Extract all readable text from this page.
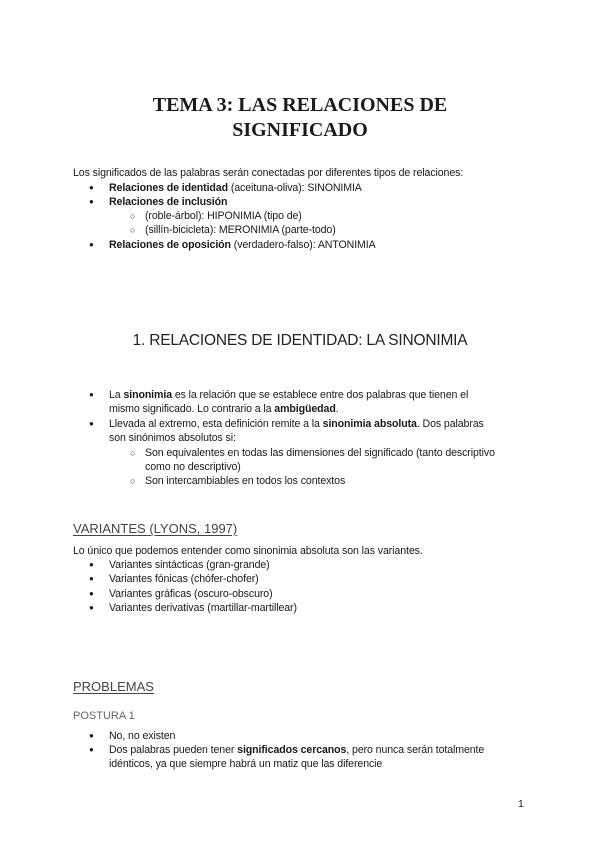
TEMA 3: LAS RELACIONES DE
SIGNIFICADO
Los significados de las palabras serán conectadas por diferentes tipos de relaciones:
● Relaciones de identidad (aceituna-oliva): SINONIMIA
● Relaciones de inclusión
○ (roble-árbol): HIPONIMIA (tipo de)
○ (sillín-bicicleta): MERONIMIA (parte-todo)
● Relaciones de oposición (verdadero-falso): ANTONIMIA
1. RELACIONES DE IDENTIDAD: LA SINONIMIA
● La sinonimia es la relación que se establece entre dos palabras que tienen el
mismo significado. Lo contrario a la ambigüedad.
● Llevada al extremo, esta definición remite a la sinonimia absoluta. Dos palabras
son sinónimos absolutos si:
○ Son equivalentes en todas las dimensiones del significado (tanto descriptivo
como no descriptivo)
○ Son intercambiables en todos los contextos
VARIANTES (LYONS, 1997)
Lo único que podemos entender como sinonimia absoluta son las variantes.
● Variantes sintácticas (gran-grande)
● Variantes fónicas (chófer-chofer)
● Variantes gráficas (oscuro-obscuro)
● Variantes derivativas (martillar-martillear)
PROBLEMAS
POSTURA 1
● No, no existen
● Dos palabras pueden tener significados cercanos, pero nunca serán totalmente
idénticos, ya que siempre habrá un matiz que las diferencie
1
